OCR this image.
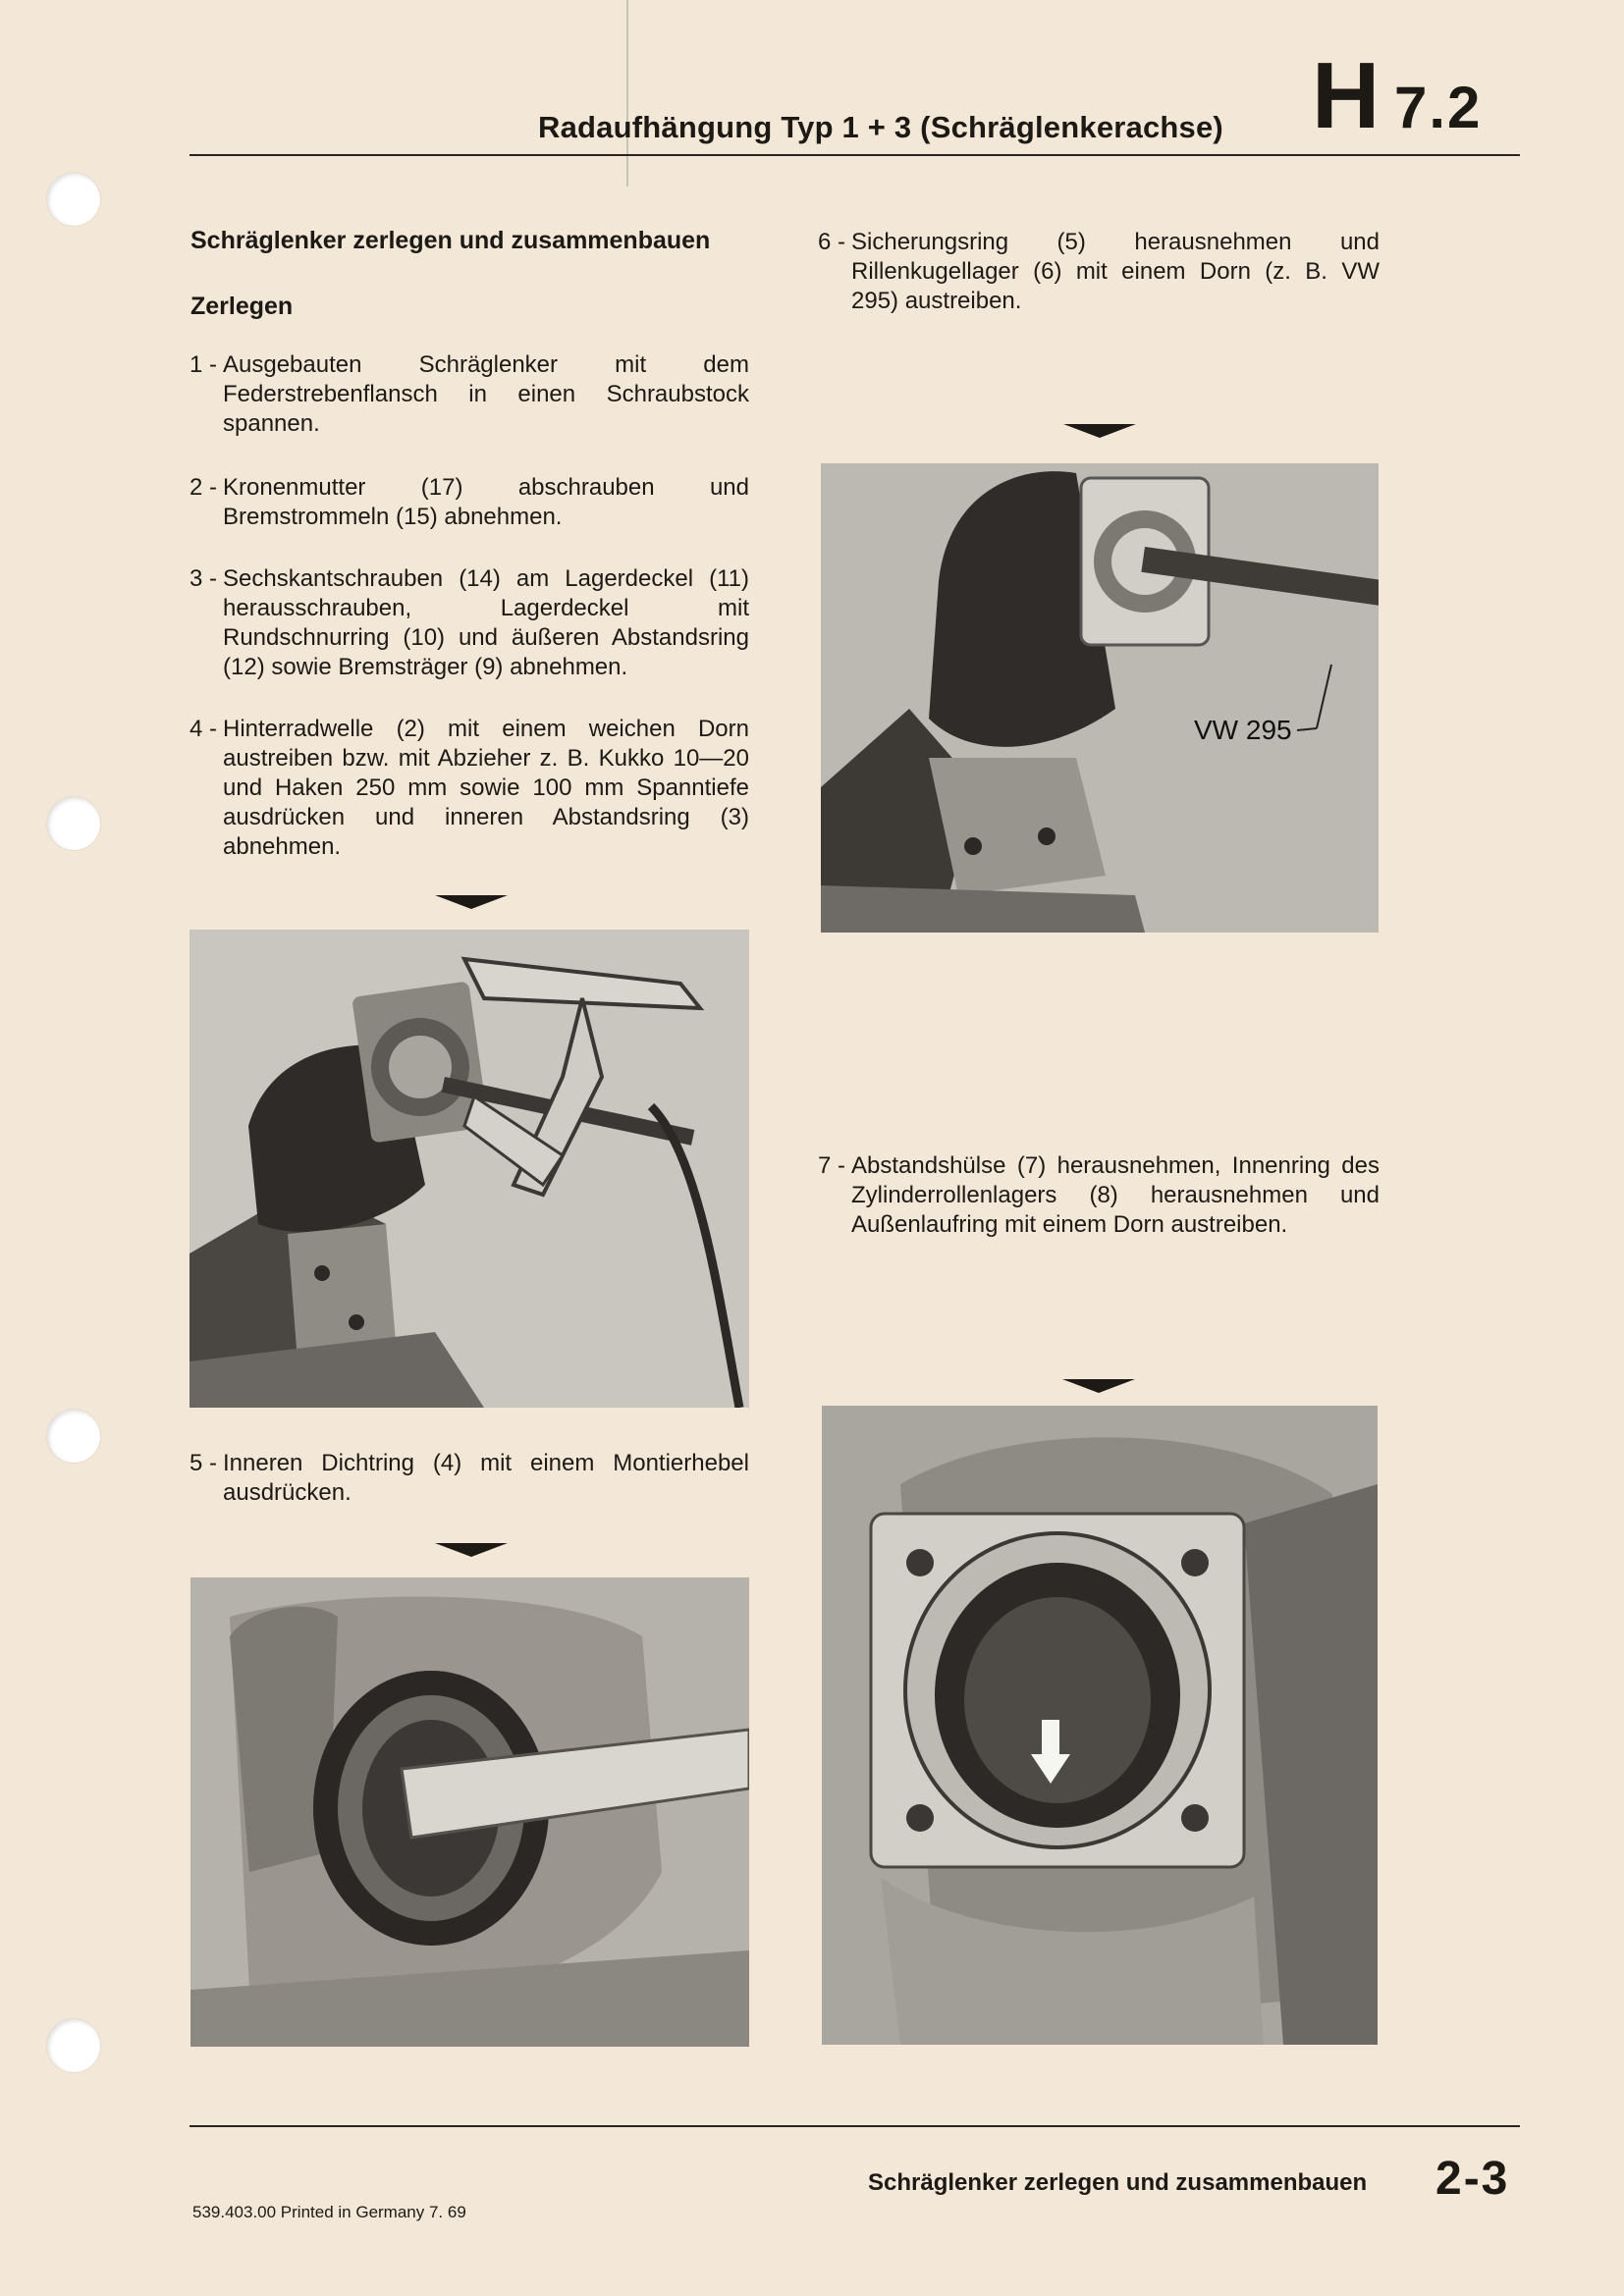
Radaufhängung Typ 1 + 3 (Schräglenkerachse) H 7.2
Schräglenker zerlegen und zusammenbauen
Zerlegen
1 - Ausgebauten Schräglenker mit dem Federstrebenflansch in einen Schraubstock spannen.
2 - Kronenmutter (17) abschrauben und Bremstrommeln (15) abnehmen.
3 - Sechskantschrauben (14) am Lagerdeckel (11) herausschrauben, Lagerdeckel mit Rundschnurring (10) und äußeren Abstandsring (12) sowie Bremsträger (9) abnehmen.
4 - Hinterradwelle (2) mit einem weichen Dorn austreiben bzw. mit Abzieher z. B. Kukko 10—20 und Haken 250 mm sowie 100 mm Spanntiefe ausdrücken und inneren Abstandsring (3) abnehmen.
5 - Inneren Dichtring (4) mit einem Montierhebel ausdrücken.
6 - Sicherungsring (5) herausnehmen und Rillenkugellager (6) mit einem Dorn (z. B. VW 295) austreiben.
VW 295
7 - Abstandshülse (7) herausnehmen, Innenring des Zylinderrollenlagers (8) herausnehmen und Außenlaufring mit einem Dorn austreiben.
Schräglenker zerlegen und zusammenbauen 2-3
539.403.00 Printed in Germany 7. 69
